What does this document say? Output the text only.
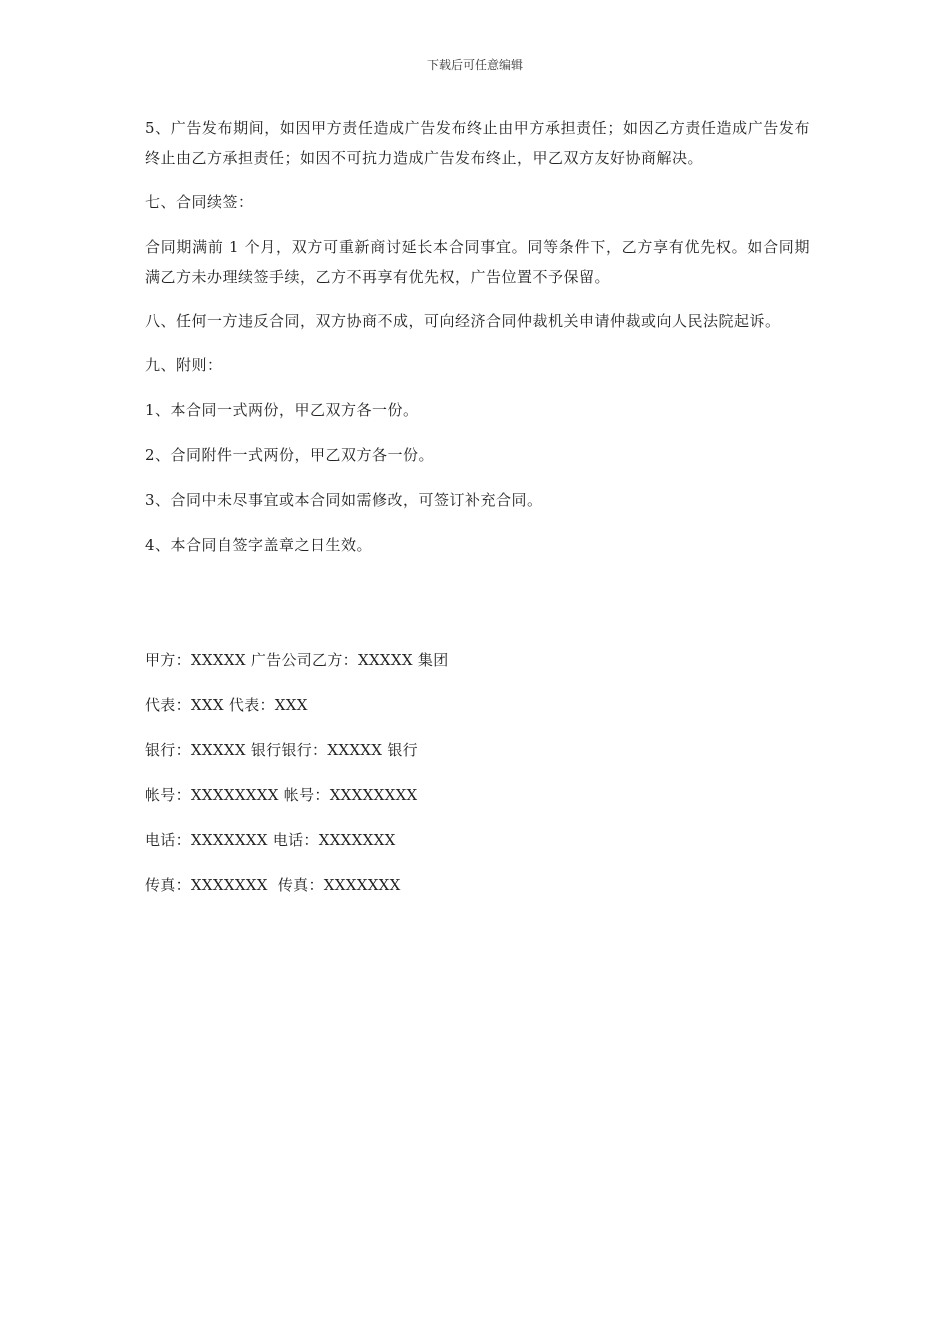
下载后可任意编辑

5、广告发布期间，如因甲方责任造成广告发布终止由甲方承担责任；如因乙方责任造成广告发布终止由乙方承担责任；如因不可抗力造成广告发布终止，甲乙双方友好协商解决。

七、合同续签：

合同期满前 1 个月，双方可重新商讨延长本合同事宜。同等条件下，乙方享有优先权。如合同期满乙方未办理续签手续，乙方不再享有优先权，广告位置不予保留。

八、任何一方违反合同，双方协商不成，可向经济合同仲裁机关申请仲裁或向人民法院起诉。

九、附则：

1、本合同一式两份，甲乙双方各一份。

2、合同附件一式两份，甲乙双方各一份。

3、合同中未尽事宜或本合同如需修改，可签订补充合同。

4、本合同自签字盖章之日生效。

甲方：XXXXX 广告公司乙方：XXXXX 集团
代表：XXX 代表：XXX
银行：XXXXX 银行银行：XXXXX 银行
帐号：XXXXXXXX 帐号：XXXXXXXX
电话：XXXXXXX 电话：XXXXXXX
传真：XXXXXXX  传真：XXXXXXX
